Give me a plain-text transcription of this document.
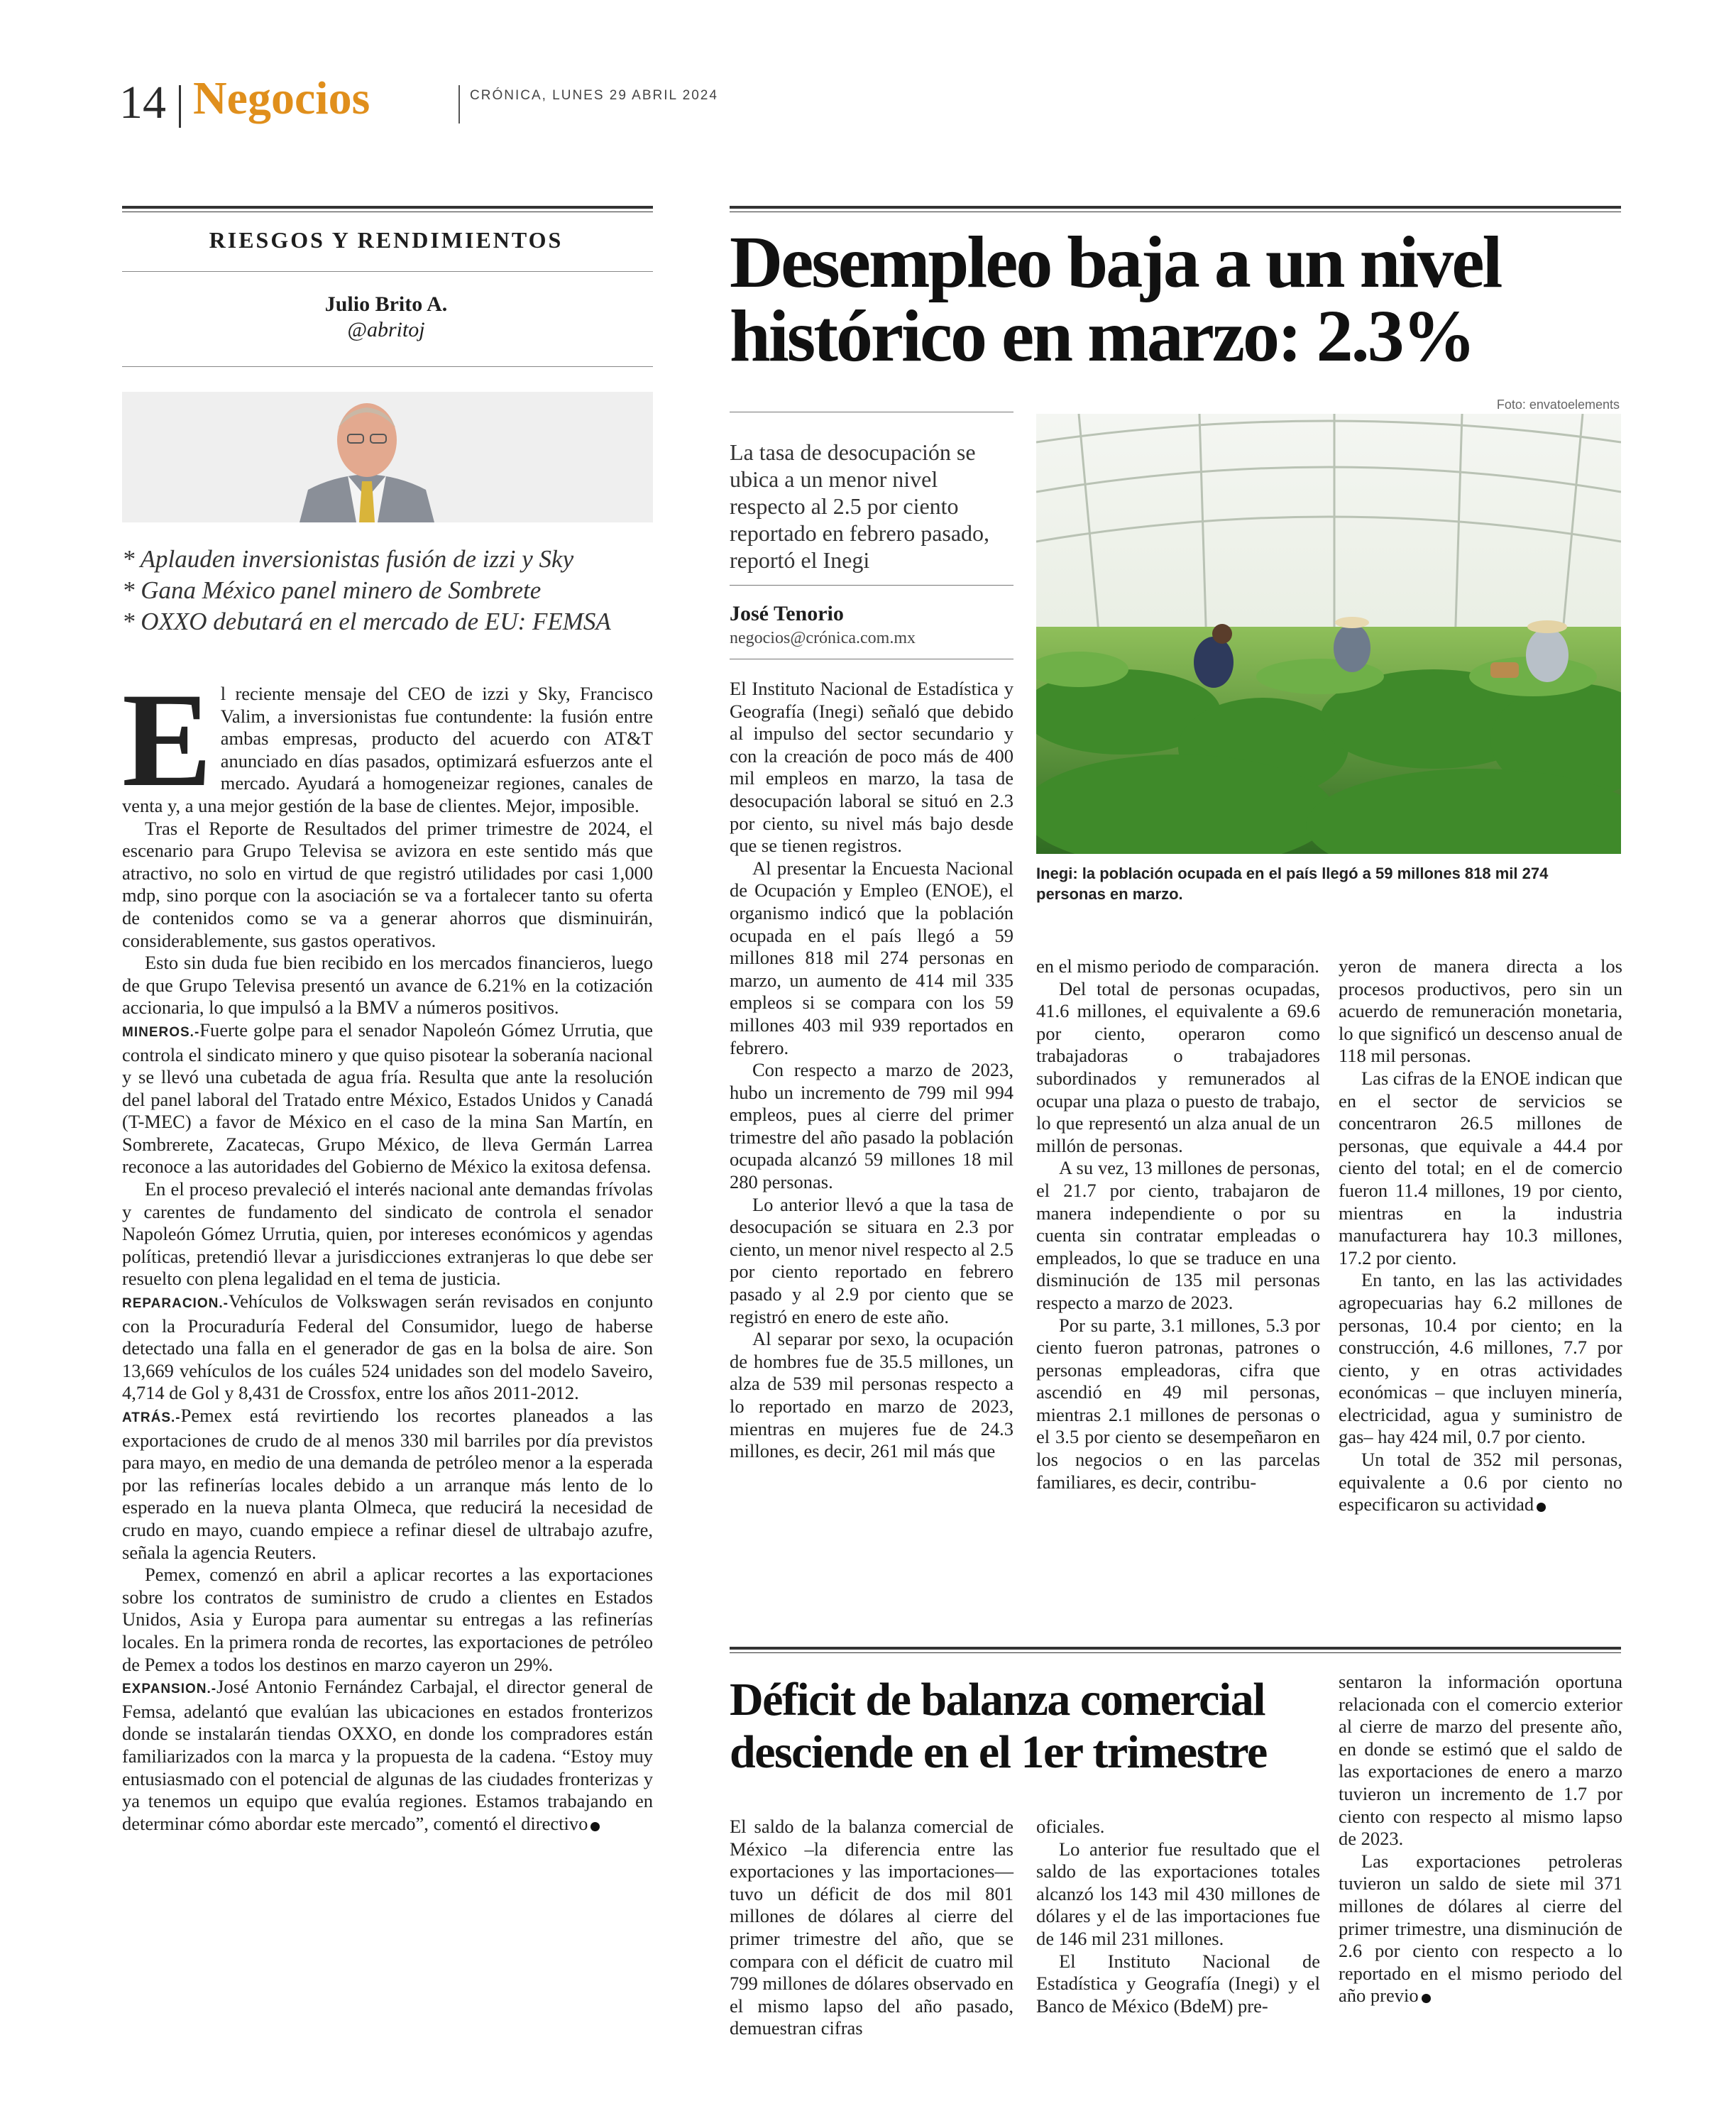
14 Negocios	CRÓNICA, LUNES 29 ABRIL 2024
RIESGOS Y RENDIMIENTOS
Julio Brito A.
@abritoj
* Aplauden inversionistas fusión de izzi y Sky
* Gana México panel minero de Sombrete
* OXXO debutará en el mercado de EU: FEMSA

El reciente mensaje del CEO de izzi y Sky, Francisco Valim, a inversionistas fue contundente: la fusión entre ambas empresas, producto del acuerdo con AT&T anunciado en días pasados, optimizará esfuerzos ante el mercado. Ayudará a homogeneizar regiones, canales de venta y, a una mejor gestión de la base de clientes. Mejor, imposible.

Tras el Reporte de Resultados del primer trimestre de 2024, el escenario para Grupo Televisa se avizora en este sentido más que atractivo, no solo en virtud de que registró utilidades por casi 1,000 mdp, sino porque con la asociación se va a fortalecer tanto su oferta de contenidos como se va a generar ahorros que disminuirán, considerablemente, sus gastos operativos.

Esto sin duda fue bien recibido en los mercados financieros, luego de que Grupo Televisa presentó un avance de 6.21% en la cotización accionaria, lo que impulsó a la BMV a números positivos.

MINEROS.-Fuerte golpe para el senador Napoleón Gómez Urrutia, que controla el sindicato minero y que quiso pisotear la soberanía nacional y se llevó una cubetada de agua fría. Resulta que ante la resolución del panel laboral del Tratado entre México, Estados Unidos y Canadá (T-MEC) a favor de México en el caso de la mina San Martín, en Sombrerete, Zacatecas, Grupo México, de lleva Germán Larrea reconoce a las autoridades del Gobierno de México la exitosa defensa.

En el proceso prevaleció el interés nacional ante demandas frívolas y carentes de fundamento del sindicato de controla el senador Napoleón Gómez Urrutia, quien, por intereses económicos y agendas políticas, pretendió llevar a jurisdicciones extranjeras lo que debe ser resuelto con plena legalidad en el tema de justicia.

REPARACION.-Vehículos de Volkswagen serán revisados en conjunto con la Procuraduría Federal del Consumidor, luego de haberse detectado una falla en el generador de gas en la bolsa de aire. Son 13,669 vehículos de los cuáles 524 unidades son del modelo Saveiro, 4,714 de Gol y 8,431 de Crossfox, entre los años 2011-2012.

ATRÁS.-Pemex está revirtiendo los recortes planeados a las exportaciones de crudo de al menos 330 mil barriles por día previstos para mayo, en medio de una demanda de petróleo menor a la esperada por las refinerías locales debido a un arranque más lento de lo esperado en la nueva planta Olmeca, que reducirá la necesidad de crudo en mayo, cuando empiece a refinar diesel de ultrabajo azufre, señala la agencia Reuters.

Pemex, comenzó en abril a aplicar recortes a las exportaciones sobre los contratos de suministro de crudo a clientes en Estados Unidos, Asia y Europa para aumentar su entregas a las refinerías locales. En la primera ronda de recortes, las exportaciones de petróleo de Pemex a todos los destinos en marzo cayeron un 29%.

EXPANSION.-José Antonio Fernández Carbajal, el director general de Femsa, adelantó que evalúan las ubicaciones en estados fronterizos donde se instalarán tiendas OXXO, en donde los compradores están familiarizados con la marca y la propuesta de la cadena. “Estoy muy entusiasmado con el potencial de algunas de las ciudades fronterizas y ya tenemos un equipo que evalúa regiones. Estamos trabajando en determinar cómo abordar este mercado”, comentó el directivo

Desempleo baja a un nivel
histórico en marzo: 2.3%
Foto: envatoelements
La tasa de desocupación se ubica a un menor nivel respecto al 2.5 por ciento reportado en febrero pasado, reportó el Inegi
José Tenorio
negocios@crónica.com.mx
Inegi: la población ocupada en el país llegó a 59 millones 818 mil 274 personas en marzo.

El Instituto Nacional de Estadística y Geografía (Inegi) señaló que debido al impulso del sector secundario y con la creación de poco más de 400 mil empleos en marzo, la tasa de desocupación laboral se situó en 2.3 por ciento, su nivel más bajo desde que se tienen registros.

Al presentar la Encuesta Nacional de Ocupación y Empleo (ENOE), el organismo indicó que la población ocupada en el país llegó a 59 millones 818 mil 274 personas en marzo, un aumento de 414 mil 335 empleos si se compara con los 59 millones 403 mil 939 reportados en febrero.

Con respecto a marzo de 2023, hubo un incremento de 799 mil 994 empleos, pues al cierre del primer trimestre del año pasado la población ocupada alcanzó 59 millones 18 mil 280 personas.

Lo anterior llevó a que la tasa de desocupación se situara en 2.3 por ciento, un menor nivel respecto al 2.5 por ciento reportado en febrero pasado y al 2.9 por ciento que se registró en enero de este año.

Al separar por sexo, la ocupación de hombres fue de 35.5 millones, un alza de 539 mil personas respecto a lo reportado en marzo de 2023, mientras en mujeres fue de 24.3 millones, es decir, 261 mil más que

en el mismo periodo de comparación.

Del total de personas ocupadas, 41.6 millones, el equivalente a 69.6 por ciento, operaron como trabajadoras o trabajadores subordinados y remunerados al ocupar una plaza o puesto de trabajo, lo que representó un alza anual de un millón de personas.

A su vez, 13 millones de personas, el 21.7 por ciento, trabajaron de manera independiente o por su cuenta sin contratar empleadas o empleados, lo que se traduce en una disminución de 135 mil personas respecto a marzo de 2023.

Por su parte, 3.1 millones, 5.3 por ciento fueron patronas, patrones o personas empleadoras, cifra que ascendió en 49 mil personas, mientras 2.1 millones de personas o el 3.5 por ciento se desempeñaron en los negocios o en las parcelas familiares, es decir, contribu-

yeron de manera directa a los procesos productivos, pero sin un acuerdo de remuneración monetaria, lo que significó un descenso anual de 118 mil personas.

Las cifras de la ENOE indican que en el sector de servicios se concentraron 26.5 millones de personas, que equivale a 44.4 por ciento del total; en el de comercio fueron 11.4 millones, 19 por ciento, mientras en la industria manufacturera hay 10.3 millones, 17.2 por ciento.

En tanto, en las las actividades agropecuarias hay 6.2 millones de personas, 10.4 por ciento; en la construcción, 4.6 millones, 7.7 por ciento, y en otras actividades económicas – que incluyen minería, electricidad, agua y suministro de gas– hay 424 mil, 0.7 por ciento.

Un total de 352 mil personas, equivalente a 0.6 por ciento no especificaron su actividad

Déficit de balanza comercial
desciende en el 1er trimestre

El saldo de la balanza comercial de México –la diferencia entre las exportaciones y las importaciones—tuvo un déficit de dos mil 801 millones de dólares al cierre del primer trimestre del año, que se compara con el déficit de cuatro mil 799 millones de dólares observado en el mismo lapso del año pasado, demuestran cifras

oficiales.

Lo anterior fue resultado que el saldo de las exportaciones totales alcanzó los 143 mil 430 millones de dólares y el de las importaciones fue de 146 mil 231 millones.

El Instituto Nacional de Estadística y Geografía (Inegi) y el Banco de México (BdeM) pre-

sentaron la información oportuna relacionada con el comercio exterior al cierre de marzo del presente año, en donde se estimó que el saldo de las exportaciones de enero a marzo tuvieron un incremento de 1.7 por ciento con respecto al mismo lapso de 2023.

Las exportaciones petroleras tuvieron un saldo de siete mil 371 millones de dólares al cierre del primer trimestre, una disminución de 2.6 por ciento con respecto a lo reportado en el mismo periodo del año previo
